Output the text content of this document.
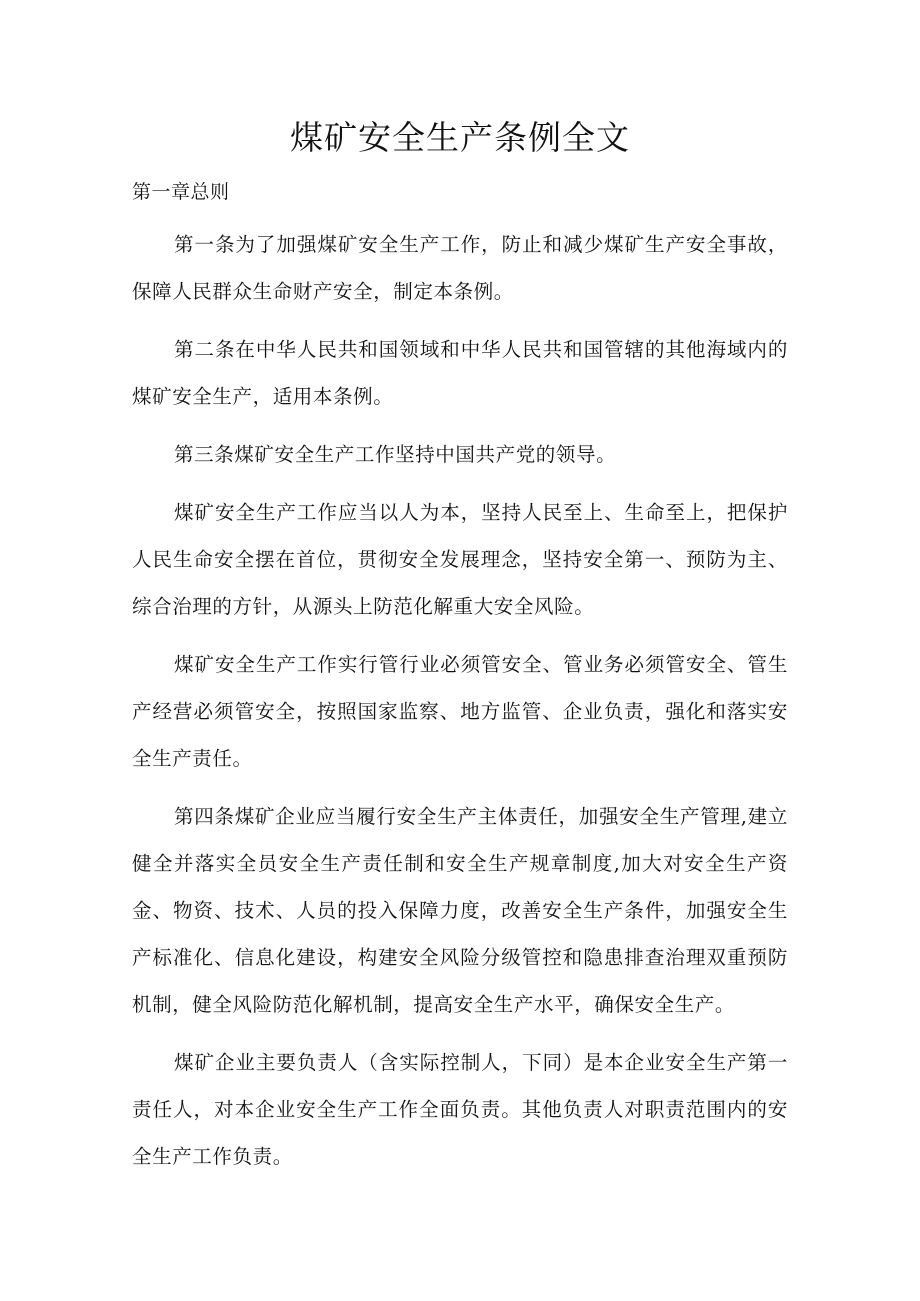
煤矿安全生产条例全文
第一章总则

第一条为了加强煤矿安全生产工作，防止和减少煤矿生产安全事故，保障人民群众生命财产安全，制定本条例。

第二条在中华人民共和国领域和中华人民共和国管辖的其他海域内的煤矿安全生产，适用本条例。

第三条煤矿安全生产工作坚持中国共产党的领导。

煤矿安全生产工作应当以人为本，坚持人民至上、生命至上，把保护人民生命安全摆在首位，贯彻安全发展理念，坚持安全第一、预防为主、综合治理的方针，从源头上防范化解重大安全风险。

煤矿安全生产工作实行管行业必须管安全、管业务必须管安全、管生产经营必须管安全，按照国家监察、地方监管、企业负责，强化和落实安全生产责任。

第四条煤矿企业应当履行安全生产主体责任，加强安全生产管理,建立健全并落实全员安全生产责任制和安全生产规章制度,加大对安全生产资金、物资、技术、人员的投入保障力度，改善安全生产条件，加强安全生产标准化、信息化建设，构建安全风险分级管控和隐患排查治理双重预防机制，健全风险防范化解机制，提高安全生产水平，确保安全生产。

煤矿企业主要负责人（含实际控制人，下同）是本企业安全生产第一责任人，对本企业安全生产工作全面负责。其他负责人对职责范围内的安全生产工作负责。
